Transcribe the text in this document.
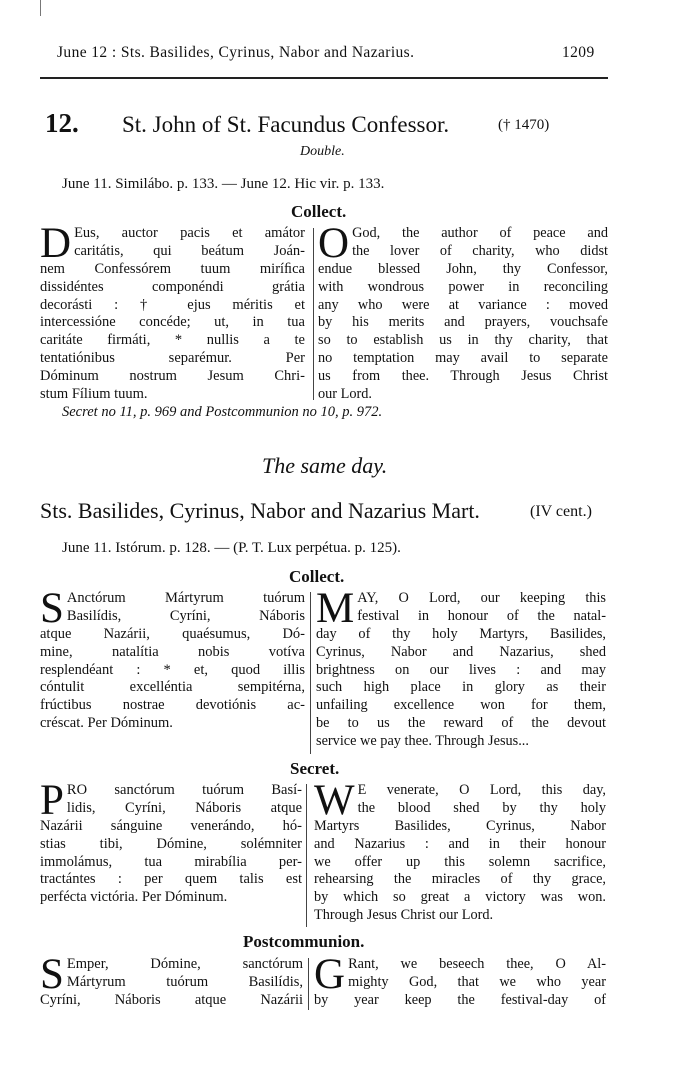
June 12 : Sts. Basilides, Cyrinus, Nabor and Nazarius.	1209
12. St. John of St. Facundus Confessor.	(† 1470)
Double.
June 11. Similábo. p. 133. — June 12. Hic vir. p. 133.
Collect.
D Eus, auctor pacis et amátor
caritátis, qui beátum Joán-
nem Confessórem tuum miríﬁca
dissidéntes componéndi grátia
decorásti : † ejus méritis et
intercessióne concéde; ut, in tua
caritáte firmáti, * nullis a te
tentatiónibus separémur. Per
Dóminum nostrum Jesum Chri-
stum Fílium tuum.
O God, the author of peace and
the lover of charity, who didst
endue blessed John, thy Confessor,
with wondrous power in reconciling
any who were at variance : moved
by his merits and prayers, vouchsafe
so to establish us in thy charity, that
no temptation may avail to separate
us from thee. Through Jesus Christ
our Lord.
Secret no 11, p. 969 and Postcommunion no 10, p. 972.
The same day.
Sts. Basilides, Cyrinus, Nabor and Nazarius Mart.	(IV cent.)
June 11. Istórum. p. 128. — (P. T. Lux perpétua. p. 125).
Collect.
S Anctórum Mártyrum tuórum
Basilídis, Cyríni, Náboris
atque Nazárii, quaésumus, Dó-
mine, natalítia nobis votíva
resplendéant : * et, quod illis
cóntulit excelléntia sempitérna,
frúctibus nostrae devotiónis ac-
créscat. Per Dóminum.
M AY, O Lord, our keeping this
festival in honour of the natal-
day of thy holy Martyrs, Basilides,
Cyrinus, Nabor and Nazarius, shed
brightness on our lives : and may
such high place in glory as their
unfailing excellence won for them,
be to us the reward of the devout
service we pay thee. Through Jesus...
Secret.
P RO sanctórum tuórum Basí-
lidis, Cyríni, Náboris atque
Nazárii sánguine venerándo, hó-
stias tibi, Dómine, solémniter
immolámus, tua mirabília per-
tractántes : per quem talis est
perfécta victória. Per Dóminum.
W E venerate, O Lord, this day,
the blood shed by thy holy
Martyrs Basilides, Cyrinus, Nabor
and Nazarius : and in their honour
we offer up this solemn sacrifice,
rehearsing the miracles of thy grace,
by which so great a victory was won.
Through Jesus Christ our Lord.
Postcommunion.
S Emper, Dómine, sanctórum
Mártyrum tuórum Basilídis,
Cyríni, Náboris atque Nazárii
G Rant, we beseech thee, O Al-
mighty God, that we who year
by year keep the festival-day of
